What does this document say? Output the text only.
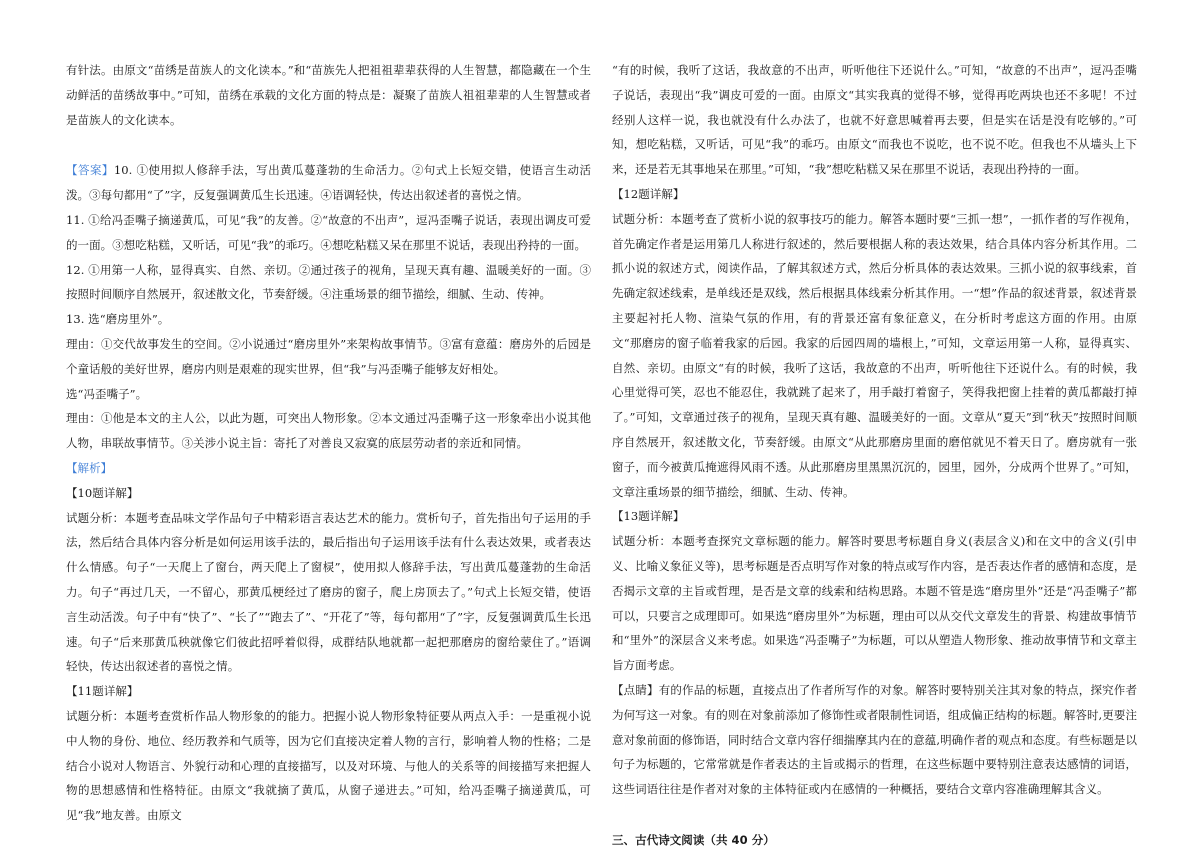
有针法。由原文“苗绣是苗族人的文化读本。”和“苗族先人把祖祖辈辈获得的人生智慧，都隐藏在一个生动鲜活的苗绣故事中。”可知，苗绣在承载的文化方面的特点是：凝聚了苗族人祖祖辈辈的人生智慧或者是苗族人的文化读本。

【答案】10. ①使用拟人修辞手法，写出黄瓜蔓蓬勃的生命活力。②句式上长短交错，使语言生动活泼。③每句都用“了”字，反复强调黄瓜生长迅速。④语调轻快，传达出叙述者的喜悦之情。

11. ①给冯歪嘴子摘递黄瓜，可见“我”的友善。②“故意的不出声”，逗冯歪嘴子说话，表现出调皮可爱的一面。③想吃粘糕，又听话，可见“我”的乖巧。④想吃粘糕又呆在那里不说话，表现出矜持的一面。

12. ①用第一人称，显得真实、自然、亲切。②通过孩子的视角，呈现天真有趣、温暖美好的一面。③按照时间顺序自然展开，叙述散文化，节奏舒缓。④注重场景的细节描绘，细腻、生动、传神。

13. 选“磨房里外”。

理由：①交代故事发生的空间。②小说通过“磨房里外”来架构故事情节。③富有意蕴：磨房外的后园是个童话般的美好世界，磨房内则是艰难的现实世界，但“我”与冯歪嘴子能够友好相处。

选“冯歪嘴子”。

理由：①他是本文的主人公，以此为题，可突出人物形象。②本文通过冯歪嘴子这一形象牵出小说其他人物，串联故事情节。③关涉小说主旨：寄托了对善良又寂寞的底层劳动者的亲近和同情。

【解析】

【10题详解】

试题分析：本题考查品味文学作品句子中精彩语言表达艺术的能力。赏析句子，首先指出句子运用的手法，然后结合具体内容分析是如何运用该手法的，最后指出句子运用该手法有什么表达效果，或者表达什么情感。句子“一天爬上了窗台，两天爬上了窗棂”，使用拟人修辞手法，写出黄瓜蔓蓬勃的生命活力。句子“再过几天，一不留心，那黄瓜梗经过了磨房的窗子，爬上房顶去了。”句式上长短交错，使语言生动活泼。句子中有“快了”、“长了”“跑去了”、“开花了”等，每句都用“了”字，反复强调黄瓜生长迅速。句子“后来那黄瓜秧就像它们彼此招呼着似得，成群结队地就都一起把那磨房的窗给蒙住了。”语调轻快，传达出叙述者的喜悦之情。

【11题详解】

试题分析：本题考查赏析作品人物形象的的能力。把握小说人物形象特征要从两点入手：一是重视小说中人物的身份、地位、经历教养和气质等，因为它们直接决定着人物的言行，影响着人物的性格；二是结合小说对人物语言、外貌行动和心理的直接描写，以及对环境、与他人的关系等的间接描写来把握人物的思想感情和性格特征。由原文“我就摘了黄瓜，从窗子递进去。”可知，给冯歪嘴子摘递黄瓜，可见“我”地友善。由原文

“有的时候，我听了这话，我故意的不出声，听听他往下还说什么。”可知，“故意的不出声”，逗冯歪嘴子说话，表现出“我”调皮可爱的一面。由原文“其实我真的觉得不够，觉得再吃两块也还不多呢！不过经别人这样一说，我也就没有什么办法了，也就不好意思喊着再去要，但是实在话是没有吃够的。”可知，想吃粘糕，又听话，可见“我”的乖巧。由原文“而我也不说吃，也不说不吃。但我也不从墙头上下来，还是若无其事地呆在那里。”可知，“我”想吃粘糕又呆在那里不说话，表现出矜持的一面。

【12题详解】

试题分析：本题考查了赏析小说的叙事技巧的能力。解答本题时要“三抓一想”，一抓作者的写作视角，首先确定作者是运用第几人称进行叙述的，然后要根据人称的表达效果，结合具体内容分析其作用。二抓小说的叙述方式，阅读作品，了解其叙述方式，然后分析具体的表达效果。三抓小说的叙事线索，首先确定叙述线索，是单线还是双线，然后根据具体线索分析其作用。一“想”作品的叙述背景，叙述背景主要起衬托人物、渲染气氛的作用，有的背景还富有象征意义，在分析时考虑这方面的作用。由原文“那磨房的窗子临着我家的后园。我家的后园四周的墙根上，”可知，文章运用第一人称，显得真实、自然、亲切。由原文“有的时候，我听了这话，我故意的不出声，听听他往下还说什么。有的时候，我心里觉得可笑，忍也不能忍住，我就跳了起来了，用手敲打着窗子，笑得我把窗上挂着的黄瓜都敲打掉了。”可知，文章通过孩子的视角，呈现天真有趣、温暖美好的一面。文章从“夏天”到“秋天”按照时间顺序自然展开，叙述散文化，节奏舒缓。由原文“从此那磨房里面的磨倌就见不着天日了。磨房就有一张窗子，而今被黄瓜掩遮得风雨不透。从此那磨房里黑黑沉沉的，园里，园外，分成两个世界了。”可知，文章注重场景的细节描绘，细腻、生动、传神。

【13题详解】

试题分析：本题考查探究文章标题的能力。解答时要思考标题自身义(表层含义)和在文中的含义(引申义、比喻义象征义等)，思考标题是否点明写作对象的特点或写作内容，是否表达作者的感情和态度，是否揭示文章的主旨或哲理，是否是文章的线索和结构思路。本题不管是选“磨房里外”还是“冯歪嘴子”都可以，只要言之成理即可。如果选“磨房里外”为标题，理由可以从交代文章发生的背景、构建故事情节和“里外”的深层含义来考虑。如果选“冯歪嘴子”为标题，可以从塑造人物形象、推动故事情节和文章主旨方面考虑。

【点睛】有的作品的标题，直接点出了作者所写作的对象。解答时要特别关注其对象的特点，探究作者为何写这一对象。有的则在对象前添加了修饰性或者限制性词语，组成偏正结构的标题。解答时,更要注意对象前面的修饰语，同时结合文章内容仔细揣摩其内在的意蕴,明确作者的观点和态度。有些标题是以句子为标题的，它常常就是作者表达的主旨或揭示的哲理，在这些标题中要特别注意表达感情的词语，这些词语往往是作者对对象的主体特征或内在感情的一种概括，要结合文章内容准确理解其含义。

三、古代诗文阅读（共 40 分）
